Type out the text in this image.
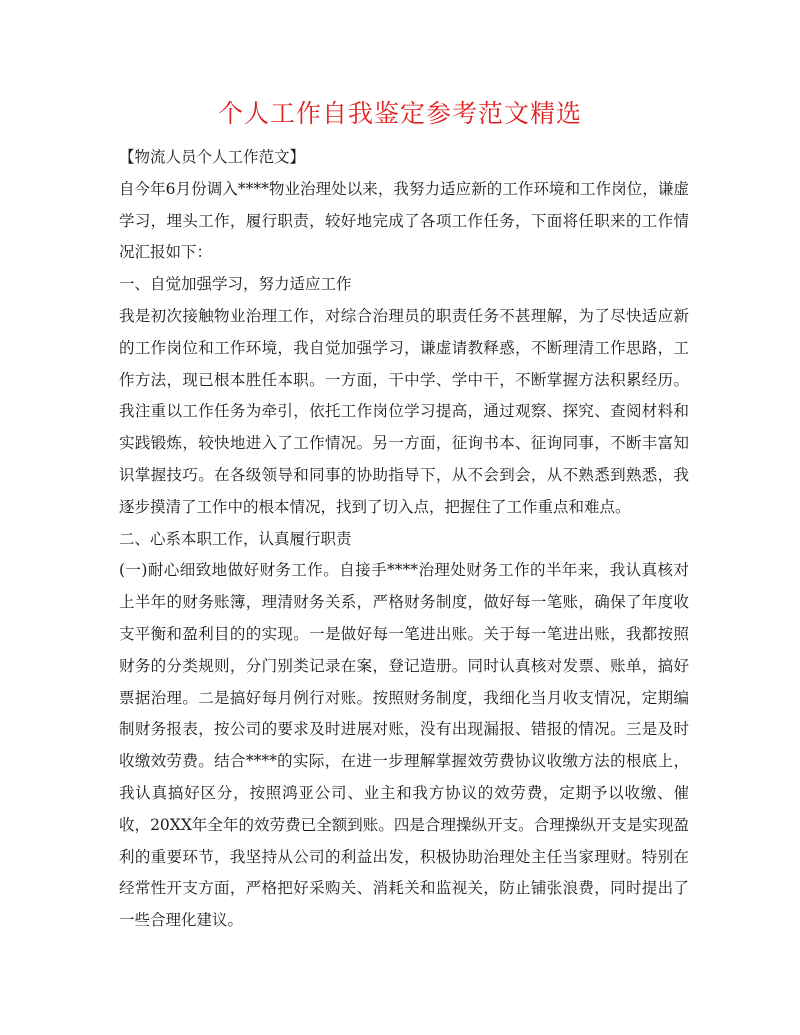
个人工作自我鉴定参考范文精选

【物流人员个人工作范文】

自今年6月份调入****物业治理处以来，我努力适应新的工作环境和工作岗位，谦虚学习，埋头工作，履行职责，较好地完成了各项工作任务，下面将任职来的工作情况汇报如下：

一、自觉加强学习，努力适应工作

我是初次接触物业治理工作，对综合治理员的职责任务不甚理解，为了尽快适应新的工作岗位和工作环境，我自觉加强学习，谦虚请教释惑，不断理清工作思路，工作方法，现已根本胜任本职。一方面，干中学、学中干，不断掌握方法积累经历。我注重以工作任务为牵引，依托工作岗位学习提高，通过观察、探究、查阅材料和实践锻炼，较快地进入了工作情况。另一方面，征询书本、征询同事，不断丰富知识掌握技巧。在各级领导和同事的协助指导下，从不会到会，从不熟悉到熟悉，我逐步摸清了工作中的根本情况，找到了切入点，把握住了工作重点和难点。

二、心系本职工作，认真履行职责

(一)耐心细致地做好财务工作。自接手****治理处财务工作的半年来，我认真核对上半年的财务账簿，理清财务关系，严格财务制度，做好每一笔账，确保了年度收支平衡和盈利目的的实现。一是做好每一笔进出账。关于每一笔进出账，我都按照财务的分类规则，分门别类记录在案，登记造册。同时认真核对发票、账单，搞好票据治理。二是搞好每月例行对账。按照财务制度，我细化当月收支情况，定期编制财务报表，按公司的要求及时进展对账，没有出现漏报、错报的情况。三是及时收缴效劳费。结合****的实际，在进一步理解掌握效劳费协议收缴方法的根底上，我认真搞好区分，按照鸿亚公司、业主和我方协议的效劳费，定期予以收缴、催收，20XX年全年的效劳费已全额到账。四是合理操纵开支。合理操纵开支是实现盈利的重要环节，我坚持从公司的利益出发，积极协助治理处主任当家理财。特别在经常性开支方面，严格把好采购关、消耗关和监视关，防止铺张浪费，同时提出了一些合理化建议。
